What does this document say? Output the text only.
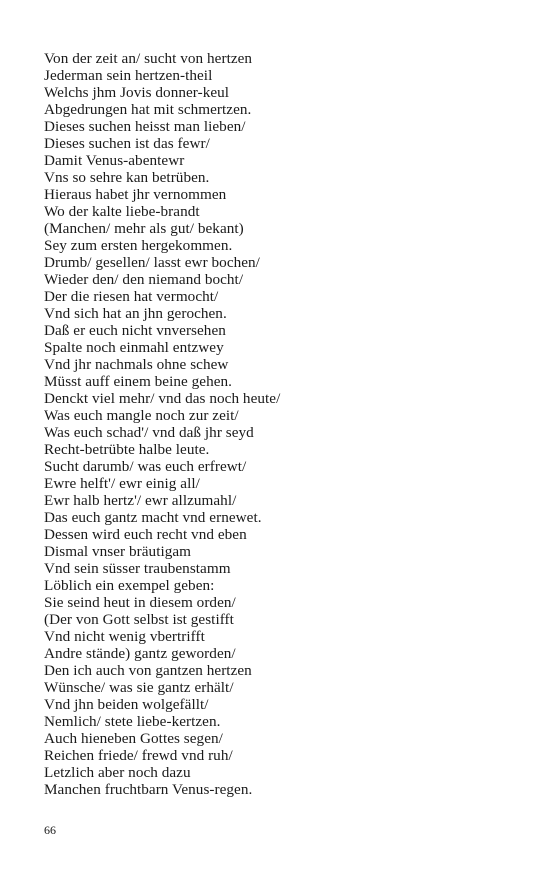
Von der zeit an/ sucht von hertzen
Jederman sein hertzen-theil
Welchs jhm Jovis donner-keul
Abgedrungen hat mit schmertzen.
Dieses suchen heisst man lieben/
Dieses suchen ist das fewr/
Damit Venus-abentewr
Vns so sehre kan betrüben.
Hieraus habet jhr vernommen
Wo der kalte liebe-brandt
(Manchen/ mehr als gut/ bekant)
Sey zum ersten hergekommen.
Drumb/ gesellen/ lasst ewr bochen/
Wieder den/ den niemand bocht/
Der die riesen hat vermocht/
Vnd sich hat an jhn gerochen.
Daß er euch nicht vnversehen
Spalte noch einmahl entzwey
Vnd jhr nachmals ohne schew
Müsst auff einem beine gehen.
Denckt viel mehr/ vnd das noch heute/
Was euch mangle noch zur zeit/
Was euch schad'/ vnd daß jhr seyd
Recht-betrübte halbe leute.
Sucht darumb/ was euch erfrewt/
Ewre helft'/ ewr einig all/
Ewr halb hertz'/ ewr allzumahl/
Das euch gantz macht vnd ernewet.
Dessen wird euch recht vnd eben
Dismal vnser bräutigam
Vnd sein süsser traubenstamm
Löblich ein exempel geben:
Sie seind heut in diesem orden/
(Der von Gott selbst ist gestifft
Vnd nicht wenig vbertrifft
Andre stände) gantz geworden/
Den ich auch von gantzen hertzen
Wünsche/ was sie gantz erhält/
Vnd jhn beiden wolgefällt/
Nemlich/ stete liebe-kertzen.
Auch hieneben Gottes segen/
Reichen friede/ frewd vnd ruh/
Letzlich aber noch dazu
Manchen fruchtbarn Venus-regen.
66
